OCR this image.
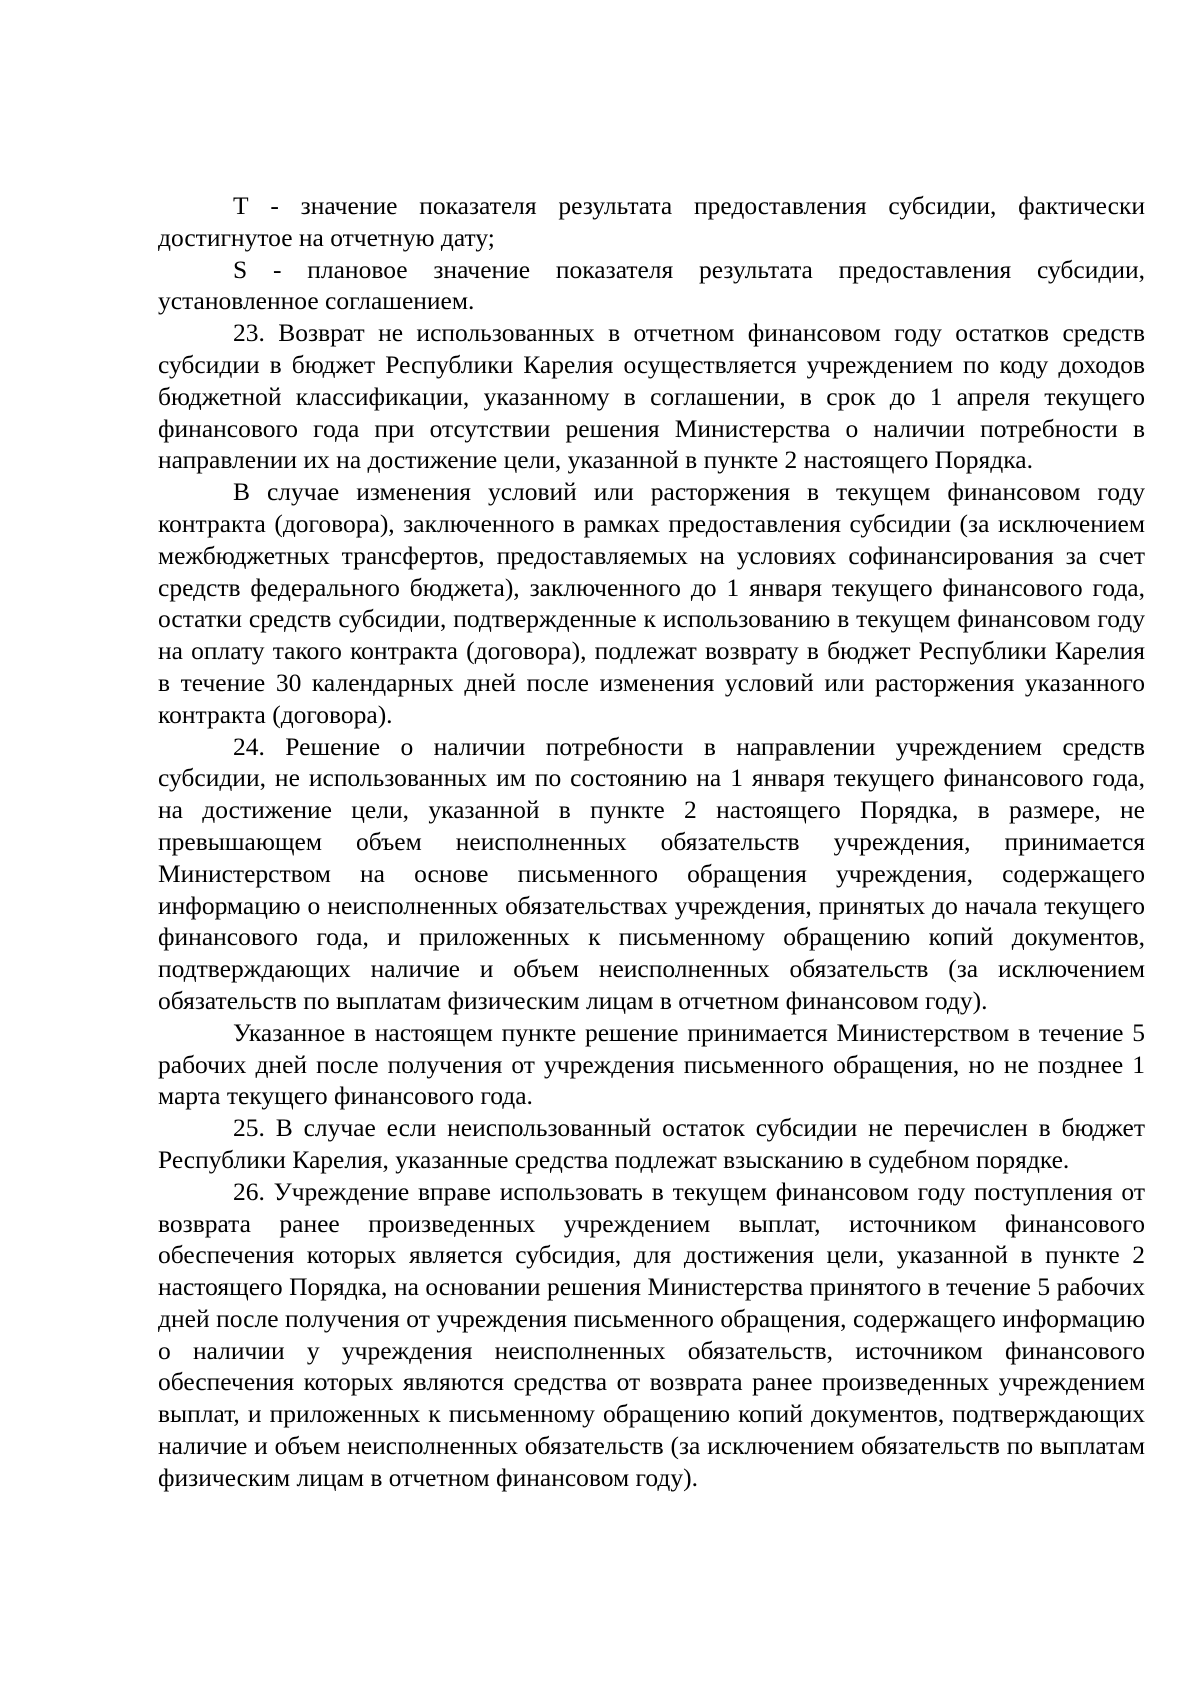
Т - значение показателя результата предоставления субсидии, фактически достигнутое на отчетную дату;

S - плановое значение показателя результата предоставления субсидии, установленное соглашением.

23. Возврат не использованных в отчетном финансовом году остатков средств субсидии в бюджет Республики Карелия осуществляется учреждением по коду доходов бюджетной классификации, указанному в соглашении, в срок до 1 апреля текущего финансового года при отсутствии решения Министерства о наличии потребности в направлении их на достижение цели, указанной в пункте 2 настоящего Порядка.

В случае изменения условий или расторжения в текущем финансовом году контракта (договора), заключенного в рамках предоставления субсидии (за исключением межбюджетных трансфертов, предоставляемых на условиях софинансирования за счет средств федерального бюджета), заключенного до 1 января текущего финансового года, остатки средств субсидии, подтвержденные к использованию в текущем финансовом году на оплату такого контракта (договора), подлежат возврату в бюджет Республики Карелия в течение 30 календарных дней после изменения условий или расторжения указанного контракта (договора).

24. Решение о наличии потребности в направлении учреждением средств субсидии, не использованных им по состоянию на 1 января текущего финансового года, на достижение цели, указанной в пункте 2 настоящего Порядка, в размере, не превышающем объем неисполненных обязательств учреждения, принимается Министерством на основе письменного обращения учреждения, содержащего информацию о неисполненных обязательствах учреждения, принятых до начала текущего финансового года, и приложенных к письменному обращению копий документов, подтверждающих наличие и объем неисполненных обязательств (за исключением обязательств по выплатам физическим лицам в отчетном финансовом году).

Указанное в настоящем пункте решение принимается Министерством в течение 5 рабочих дней после получения от учреждения письменного обращения, но не позднее 1 марта текущего финансового года.

25. В случае если неиспользованный остаток субсидии не перечислен в бюджет Республики Карелия, указанные средства подлежат взысканию в судебном порядке.

26. Учреждение вправе использовать в текущем финансовом году поступления от возврата ранее произведенных учреждением выплат, источником финансового обеспечения которых является субсидия, для достижения цели, указанной в пункте 2 настоящего Порядка, на основании решения Министерства принятого в течение 5 рабочих дней после получения от учреждения письменного обращения, содержащего информацию о наличии у учреждения неисполненных обязательств, источником финансового обеспечения которых являются средства от возврата ранее произведенных учреждением выплат, и приложенных к письменному обращению копий документов, подтверждающих наличие и объем неисполненных обязательств (за исключением обязательств по выплатам физическим лицам в отчетном финансовом году).
